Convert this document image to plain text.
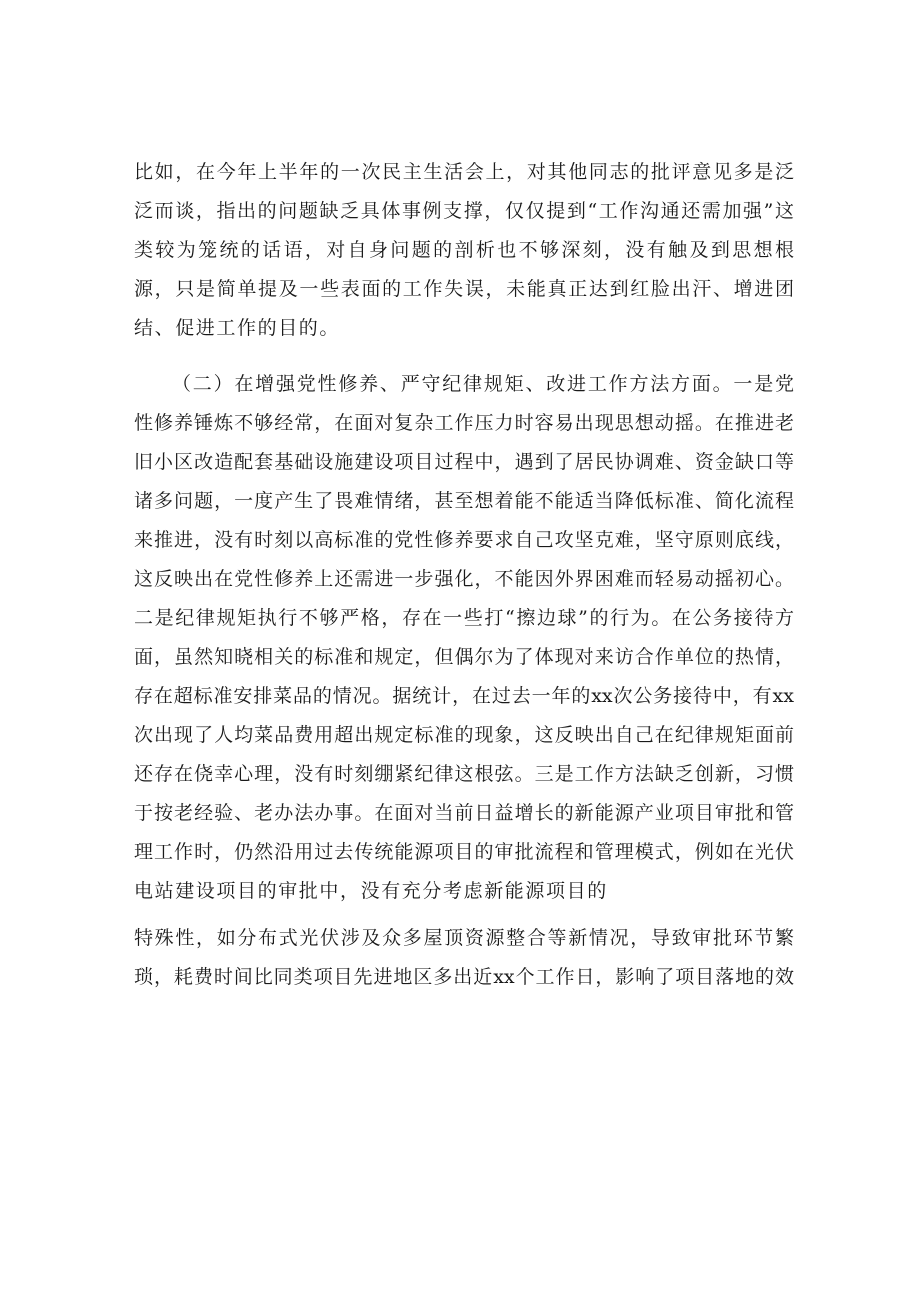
比如，在今年上半年的一次民主生活会上，对其他同志的批评意见多是泛

泛而谈，指出的问题缺乏具体事例支撑，仅仅提到“工作沟通还需加强”这

类较为笼统的话语，对自身问题的剖析也不够深刻，没有触及到思想根

源，只是简单提及一些表面的工作失误，未能真正达到红脸出汗、增进团

结、促进工作的目的。

（二）在增强党性修养、严守纪律规矩、改进工作方法方面。一是党

性修养锤炼不够经常，在面对复杂工作压力时容易出现思想动摇。在推进老

旧小区改造配套基础设施建设项目过程中，遇到了居民协调难、资金缺口等

诸多问题，一度产生了畏难情绪，甚至想着能不能适当降低标准、简化流程

来推进，没有时刻以高标准的党性修养要求自己攻坚克难，坚守原则底线，

这反映出在党性修养上还需进一步强化，不能因外界困难而轻易动摇初心。

二是纪律规矩执行不够严格，存在一些打“擦边球”的行为。在公务接待方

面，虽然知晓相关的标准和规定，但偶尔为了体现对来访合作单位的热情，

存在超标准安排菜品的情况。据统计，在过去一年的xx次公务接待中，有xx

次出现了人均菜品费用超出规定标准的现象，这反映出自己在纪律规矩面前

还存在侥幸心理，没有时刻绷紧纪律这根弦。三是工作方法缺乏创新，习惯

于按老经验、老办法办事。在面对当前日益增长的新能源产业项目审批和管

理工作时，仍然沿用过去传统能源项目的审批流程和管理模式，例如在光伏

电站建设项目的审批中，没有充分考虑新能源项目的

特殊性，如分布式光伏涉及众多屋顶资源整合等新情况，导致审批环节繁

琐，耗费时间比同类项目先进地区多出近xx个工作日，影响了项目落地的效
